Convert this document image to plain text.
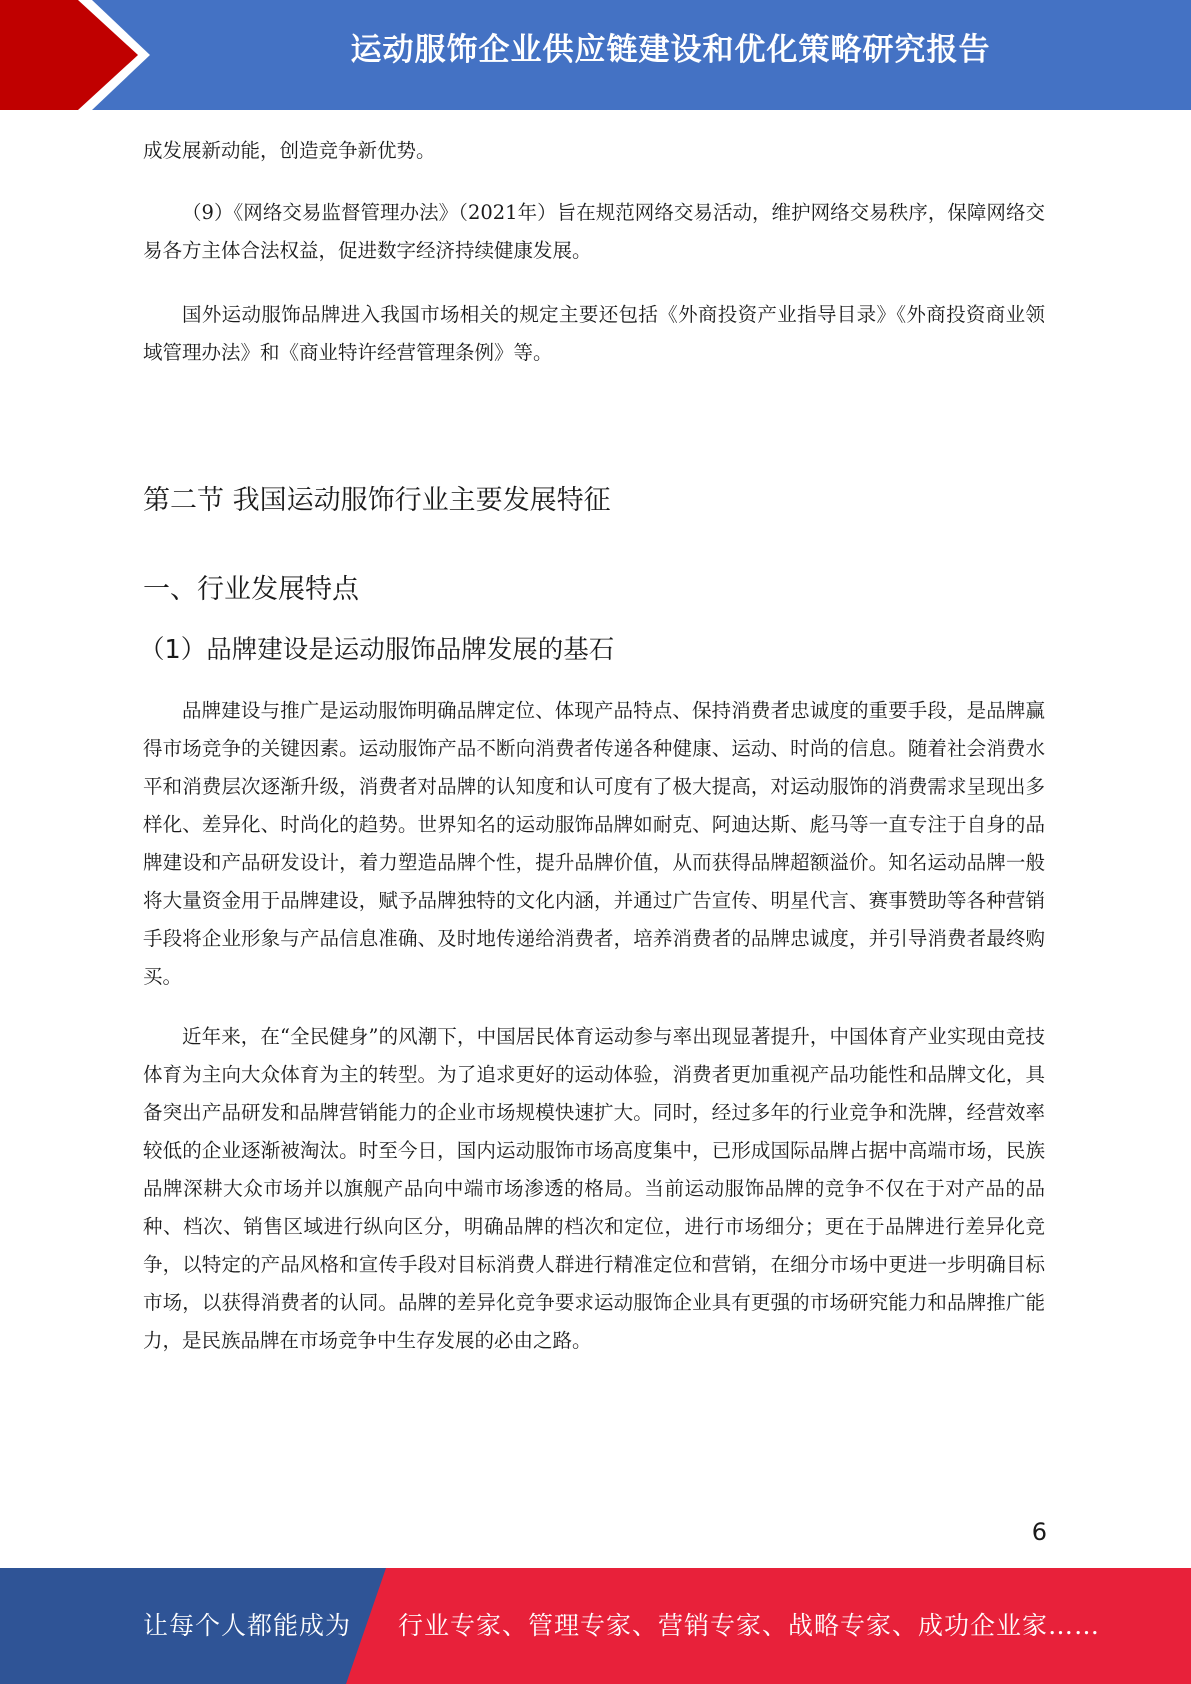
运动服饰企业供应链建设和优化策略研究报告

成发展新动能，创造竞争新优势。

（9）《网络交易监督管理办法》（2021年）旨在规范网络交易活动，维护网络交易秩序，保障网络交易各方主体合法权益，促进数字经济持续健康发展。

国外运动服饰品牌进入我国市场相关的规定主要还包括《外商投资产业指导目录》《外商投资商业领域管理办法》和《商业特许经营管理条例》等。

第二节 我国运动服饰行业主要发展特征
一、行业发展特点
（1）品牌建设是运动服饰品牌发展的基石

品牌建设与推广是运动服饰明确品牌定位、体现产品特点、保持消费者忠诚度的重要手段，是品牌赢得市场竞争的关键因素。运动服饰产品不断向消费者传递各种健康、运动、时尚的信息。随着社会消费水平和消费层次逐渐升级，消费者对品牌的认知度和认可度有了极大提高，对运动服饰的消费需求呈现出多样化、差异化、时尚化的趋势。世界知名的运动服饰品牌如耐克、阿迪达斯、彪马等一直专注于自身的品牌建设和产品研发设计，着力塑造品牌个性，提升品牌价值，从而获得品牌超额溢价。知名运动品牌一般将大量资金用于品牌建设，赋予品牌独特的文化内涵，并通过广告宣传、明星代言、赛事赞助等各种营销手段将企业形象与产品信息准确、及时地传递给消费者，培养消费者的品牌忠诚度，并引导消费者最终购买。

近年来，在“全民健身”的风潮下，中国居民体育运动参与率出现显著提升，中国体育产业实现由竞技体育为主向大众体育为主的转型。为了追求更好的运动体验，消费者更加重视产品功能性和品牌文化，具备突出产品研发和品牌营销能力的企业市场规模快速扩大。同时，经过多年的行业竞争和洗牌，经营效率较低的企业逐渐被淘汰。时至今日，国内运动服饰市场高度集中，已形成国际品牌占据中高端市场，民族品牌深耕大众市场并以旗舰产品向中端市场渗透的格局。当前运动服饰品牌的竞争不仅在于对产品的品种、档次、销售区域进行纵向区分，明确品牌的档次和定位，进行市场细分；更在于品牌进行差异化竞争，以特定的产品风格和宣传手段对目标消费人群进行精准定位和营销，在细分市场中更进一步明确目标市场，以获得消费者的认同。品牌的差异化竞争要求运动服饰企业具有更强的市场研究能力和品牌推广能力，是民族品牌在市场竞争中生存发展的必由之路。

6
让每个人都能成为 行业专家、管理专家、营销专家、战略专家、成功企业家……
